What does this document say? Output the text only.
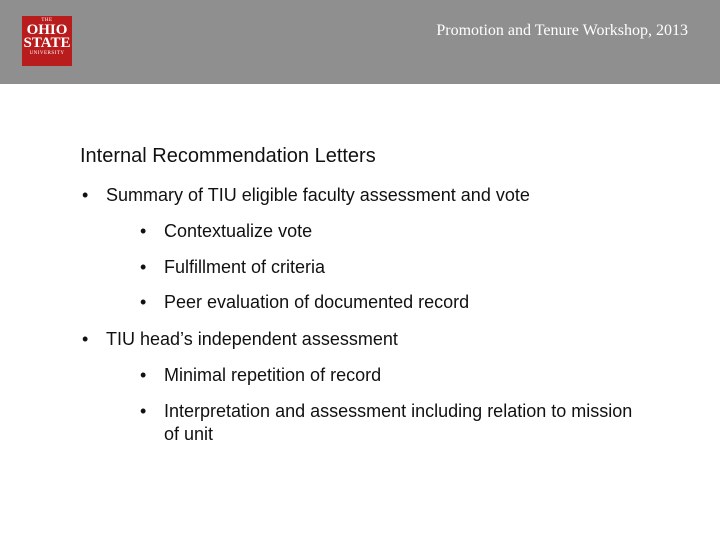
THE
OHIO
STATE
UNIVERSITY
Promotion and Tenure Workshop, 2013
Internal Recommendation Letters
• Summary of TIU eligible faculty assessment and vote
• Contextualize vote
• Fulfillment of criteria
• Peer evaluation of documented record
• TIU head’s independent assessment
• Minimal repetition of record
• Interpretation and assessment including relation to mission of unit
